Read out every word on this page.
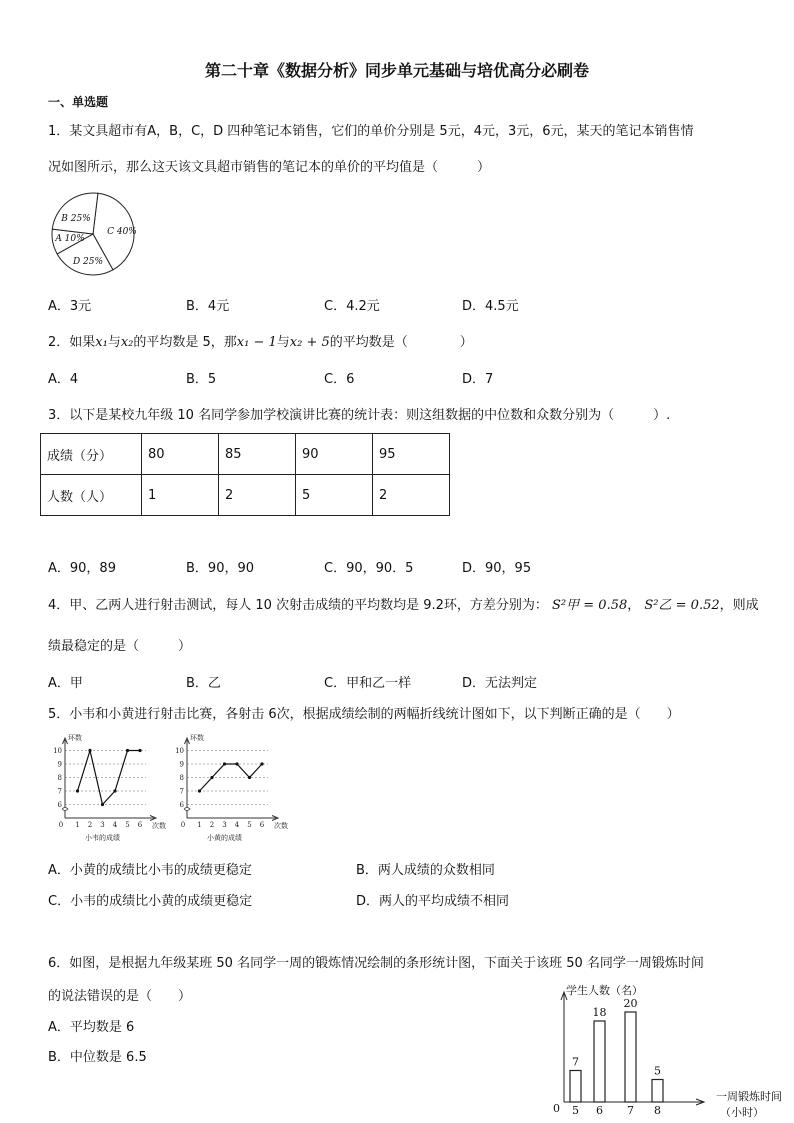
第二十章《数据分析》同步单元基础与培优高分必刷卷
一、单选题
1．某文具超市有A，B，C，D 四种笔记本销售，它们的单价分别是 5元，4元，3元，6元，某天的笔记本销售情
况如图所示，那么这天该文具超市销售的笔记本的单价的平均值是（　　　）
C 40%
D 25%
A 10%
B 25%
A．3元	B．4元	C．4.2元	D．4.5元
2．如果x₁与x₂的平均数是 5，那x₁ − 1与x₂ + 5的平均数是（　　　　）
A．4	B．5	C．6	D．7
3．以下是某校九年级 10 名同学参加学校演讲比赛的统计表：则这组数据的中位数和众数分别为（　　　）.
成绩（分）	80	85	90	95
人数（人）	1	2	5	2
A．90，89	B．90，90	C．90，90．5	D．90，95
4．甲、乙两人进行射击测试，每人 10 次射击成绩的平均数均是 9.2环，方差分别为： S²甲 = 0.58， S²乙 = 0.52，则成
绩最稳定的是（　　　）
A．甲	B．乙	C．甲和乙一样	D．无法判定
5．小韦和小黄进行射击比赛，各射击 6次，根据成绩绘制的两幅折线统计图如下，以下判断正确的是（　　）
环数
6
7
8
9
10
0 1 2 3 4 5 6 次数
小韦的成绩
环数
6
7
8
9
10
0 1 2 3 4 5 6 次数
小黄的成绩
A．小黄的成绩比小韦的成绩更稳定	B．两人成绩的众数相同
C．小韦的成绩比小黄的成绩更稳定	D．两人的平均成绩不相同
6．如图，是根据九年级某班 50 名同学一周的锻炼情况绘制的条形统计图，下面关于该班 50 名同学一周锻炼时间
的说法错误的是（　　）
A．平均数是 6
B．中位数是 6.5
学生人数（名）
0
一周锻炼时间
（小时）
7
5
18
6
20
7
5
8
